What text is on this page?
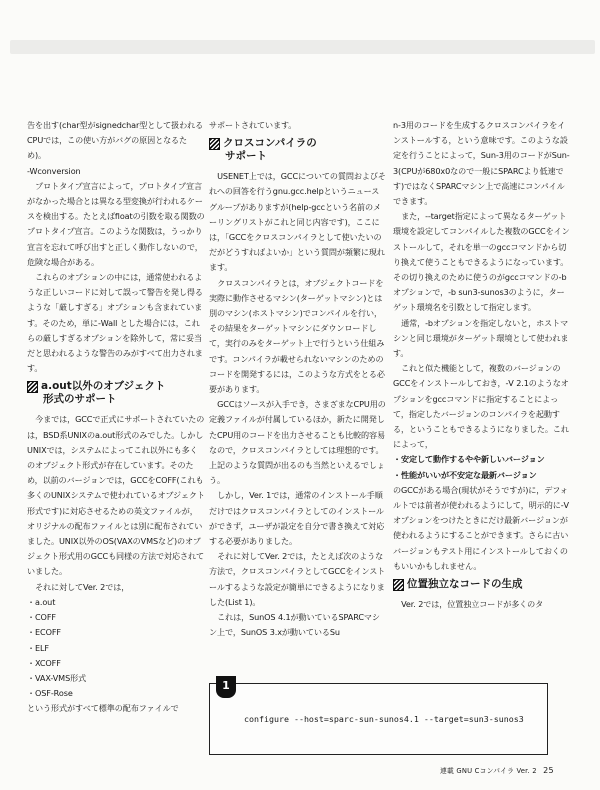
告を出す(char型がsignedchar型として扱われるCPUでは，この使い方がバグの原因となるため)。

-Wconversion

プロトタイプ宣言によって，プロトタイプ宣言がなかった場合とは異なる型変換が行われるケースを検出する。たとえばfloatの引数を取る関数のプロトタイプ宣言。このような関数は，うっかり宣言を忘れて呼び出すと正しく動作しないので，危険な場合がある。

これらのオプションの中には，通常使われるような正しいコードに対して誤って警告を発し得るような「厳しすぎる」オプションも含まれています。そのため，単に-Wall とした場合には，これらの厳しすぎるオプションを除外して，常に妥当だと思われるような警告のみがすべて出力されます。

a.out以外のオブジェクト
形式のサポート

今までは，GCCで正式にサポートされていたのは，BSD系UNIXのa.out形式のみでした。しかしUNIXでは，システムによってこれ以外にも多くのオブジェクト形式が存在しています。そのため，以前のバージョンでは，GCCをCOFF(これも多くのUNIXシステムで使われているオブジェクト形式です)に対応させるための英文ファイルが，オリジナルの配布ファイルとは別に配布されていました。UNIX以外のOS(VAXのVMSなど)のオブジェクト形式用のGCCも同様の方法で対応されていました。

それに対してVer. 2では，

・ a.out
・ COFF
・ ECOFF
・ ELF
・ XCOFF
・ VAX-VMS形式
・ OSF-Rose

という形式がすべて標準の配布ファイルで

サポートされています。

クロスコンパイラの
サポート

USENET上では，GCCについての質問およびそれへの回答を行うgnu.gcc.helpというニュースグループがありますが(help-gccという名前のメーリングリストがこれと同じ内容です)，ここには，「GCCをクロスコンパイラとして使いたいのだがどうすればよいか」という質問が頻繁に現れます。

クロスコンパイラとは，オブジェクトコードを実際に動作させるマシン(ターゲットマシン)とは別のマシン(ホストマシン)でコンパイルを行い，その結果をターゲットマシンにダウンロードして，実行のみをターゲット上で行うという仕組みです。コンパイラが載せられないマシンのためのコードを開発するには，このような方式をとる必要があります。

GCCはソースが入手でき，さまざまなCPU用の定義ファイルが付属しているほか，新たに開発したCPU用のコードを出力させることも比較的容易なので，クロスコンパイラとしては理想的です。上記のような質問が出るのも当然といえるでしょう。

しかし，Ver. 1では，通常のインストール手順だけではクロスコンパイラとしてのインストールができず，ユーザが設定を自分で書き換えて対応する必要がありました。

それに対してVer. 2では，たとえば次のような方法で，クロスコンパイラとしてGCCをインストールするような設定が簡単にできるようになりました(List 1)。

これは，SunOS 4.1が動いているSPARCマシン上で，SunOS 3.xが動いているSu

n-3用のコードを生成するクロスコンパイラをインストールする，という意味です。このような設定を行うことによって，Sun-3用のコードがSun-3(CPUが680x0なので一般にSPARCより低速です)ではなくSPARCマシン上で高速にコンパイルできます。

また，--target指定によって異なるターゲット環境を設定してコンパイルした複数のGCCをインストールして，それを単一のgccコマンドから切り換えて使うこともできるようになっています。その切り換えのために使うのがgccコマンドの-bオプションで，-b sun3-sunos3のように，ターゲット環境名を引数として指定します。

通常，-bオプションを指定しないと，ホストマシンと同じ環境がターゲット環境として使われます。

これと似た機能として，複数のバージョンのGCCをインストールしておき，-V 2.1のようなオプションをgccコマンドに指定することによって，指定したバージョンのコンパイラを起動する，ということもできるようになりました。これによって，

・ 安定して動作するやや新しいバージョン
・ 性能がいいが不安定な最新バージョン

のGCCがある場合(現状がそうですが)に，デフォルトでは前者が使われるようにして，明示的に-Vオプションをつけたときにだけ最新バージョンが使われるようにすることができます。さらに古いバージョンもテスト用にインストールしておくのもいいかもしれません。

位置独立なコードの生成

Ver. 2では，位置独立コードが多くのタ

1
configure --host=sparc-sun-sunos4.1 --target=sun3-sunos3
連載 GNU Cコンパイラ Ver. 2 25
